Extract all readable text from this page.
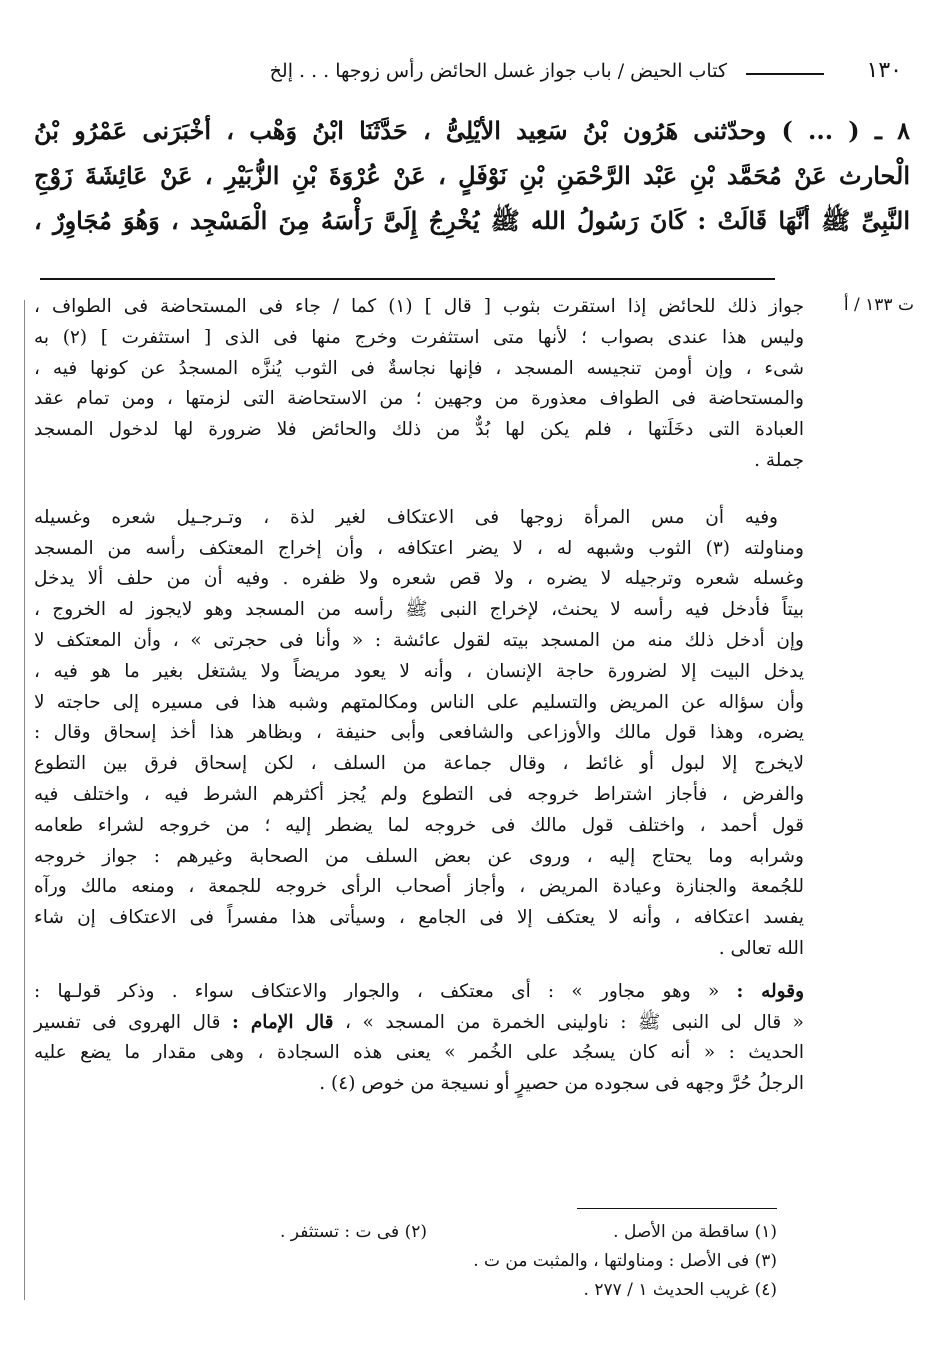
١٣٠
كتاب الحيض / باب جواز غسل الحائض رأس زوجها . . . إلخ
٨ ـ ( ... ) وحدّثنى هَرُون بْنُ سَعِيد الأيْلِىُّ ، حَدَّثَنَا ابْنُ وَهْب ، أخْبَرَنى عَمْرُو بْنُ
الْحارث عَنْ مُحَمَّد بْنِ عَبْد الرَّحْمَنِ بْنِ نَوْفَلٍ ، عَنْ عُرْوَةَ بْنِ الزُّبَيْرِ ، عَنْ عَائِشَةَ زَوْجِ
النَّبِىِّ ﷺ أنَّهَا قَالَتْ : كَانَ رَسُولُ الله ﷺ يُخْرِجُ إِلَىَّ رَأْسَهُ مِنَ الْمَسْجِد ، وَهُوَ مُجَاوِرٌ ،
ت ١٣٣ / أ
جواز ذلك للحائض إذا استقرت بثوب [ قال ] (١) كما / جاء فى المستحاضة فى الطواف ،
وليس هذا عندى بصواب ؛ لأنها متى استثفرت وخرج منها فى الذى [ استثفرت ] (٢) به
شىء ، وإن أومن تنجيسه المسجد ، فإنها نجاسةٌ فى الثوب يُنزَّه المسجدُ عن كونها فيه ،
والمستحاضة فى الطواف معذورة من وجهين ؛ من الاستحاضة التى لزمتها ، ومن تمام عقد
العبادة التى دخَلَتها ، فلم يكن لها بُدٌّ من ذلك والحائض فلا ضرورة لها لدخول المسجد
جملة .
وفيه أن مس المرأة زوجها فى الاعتكاف لغير لذة ، وتـرجـيل شعره وغسيله
ومناولته (٣) الثوب وشبهه له ، لا يضر اعتكافه ، وأن إخراج المعتكف رأسه من المسجد
وغسله شعره وترجيله لا يضره ، ولا قص شعره ولا ظفره . وفيه أن من حلف ألا يدخل
بيتاً فأدخل فيه رأسه لا يحنث، لإخراج النبى ﷺ رأسه من المسجد وهو لايجوز له الخروج ،
وإن أدخل ذلك منه من المسجد بيته لقول عائشة : « وأنا فى حجرتى » ، وأن المعتكف لا
يدخل البيت إلا لضرورة حاجة الإنسان ، وأنه لا يعود مريضاً ولا يشتغل بغير ما هو فيه ،
وأن سؤاله عن المريض والتسليم على الناس ومكالمتهم وشبه هذا فى مسيره إلى حاجته لا
يضره، وهذا قول مالك والأوزاعى والشافعى وأبى حنيفة ، وبظاهر هذا أخذ إسحاق وقال :
لايخرج إلا لبول أو غائط ، وقال جماعة من السلف ، لكن إسحاق فرق بين التطوع
والفرض ، فأجاز اشتراط خروجه فى التطوع ولم يُجز أكثرهم الشرط فيه ، واختلف فيه
قول أحمد ، واختلف قول مالك فى خروجه لما يضطر إليه ؛ من خروجه لشراء طعامه
وشرابه وما يحتاج إليه ، وروى عن بعض السلف من الصحابة وغيرهم : جواز خروجه
للجُمعة والجنازة وعيادة المريض ، وأجاز أصحاب الرأى خروجه للجمعة ، ومنعه مالك ورآه
يفسد اعتكافه ، وأنه لا يعتكف إلا فى الجامع ، وسيأتى هذا مفسراً فى الاعتكاف إن شاء
الله تعالى .
وقوله : « وهو مجاور » : أى معتكف ، والجوار والاعتكاف سواء . وذكر قولـها :
« قال لى النبى ﷺ : ناولينى الخمرة من المسجد » ، قال الإمام : قال الهروى فى تفسير
الحديث : « أنه كان يسجُد على الخُمر » يعنى هذه السجادة ، وهى مقدار ما يضع عليه
الرجلُ حُرَّ وجهه فى سجوده من حصيرٍ أو نسيجة من خوص (٤) .
(١) ساقطة من الأصل .
(٢) فى ت : تستثفر .
(٣) فى الأصل : ومناولتها ، والمثبت من ت .
(٤) غريب الحديث ١ / ٢٧٧ .
